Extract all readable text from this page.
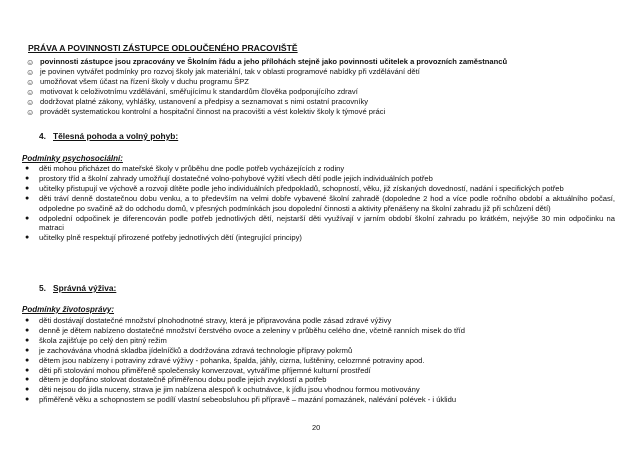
PRÁVA A POVINNOSTI ZÁSTUPCE ODLOUČENÉHO PRACOVIŠTĚ
☺ povinnosti zástupce jsou zpracovány ve Školním řádu a jeho přílohách stejně jako povinnosti učitelek a provozních zaměstnanců
☺ je povinen vytvářet podmínky pro rozvoj školy jak materiální, tak v oblasti programové nabídky při vzdělávání dětí
☺ umožňovat všem účast na řízení školy v duchu programu ŠPZ
☺ motivovat k celoživotnímu vzdělávání, směřujícímu k standardům člověka podporujícího zdraví
☺ dodržovat platné zákony, vyhlášky, ustanovení a předpisy a seznamovat s nimi ostatní pracovníky
☺ provádět systematickou kontrolní a hospitační činnost na pracovišti a vést kolektiv školy k týmové práci
4. Tělesná pohoda a volný pohyb:
Podmínky psychosociální:
●	děti mohou přicházet do mateřské školy v průběhu dne podle potřeb vycházejících z rodiny
●	prostory tříd a školní zahrady umožňují dostatečné volno-pohybové vyžití všech dětí podle jejich individuálních potřeb
●	učitelky přistupují ve výchově a rozvoji dítěte podle jeho individuálních předpokladů, schopností, věku, již získaných dovedností, nadání i specifických potřeb
●	děti tráví denně dostatečnou dobu venku, a to především na velmi dobře vybavené školní zahradě (dopoledne 2 hod a více podle ročního období a aktuálního počasí, odpoledne po svačině až do odchodu domů, v přesných podmínkách jsou dopolední činnosti a aktivity přenášeny na školní zahradu již při schůzení dětí)
●	odpolední odpočinek je diferencován podle potřeb jednotlivých dětí, nejstarší děti využívají v jarním období školní zahradu po krátkém, nejvýše 30 min odpočinku na matraci
●	učitelky plně respektují přirozené potřeby jednotlivých dětí (integrující principy)
5. Správná výživa:
Podmínky životosprávy:
●	děti dostávají dostatečné množství plnohodnotné stravy, která je připravována podle zásad zdravé výživy
●	denně je dětem nabízeno dostatečné množství čerstvého ovoce a zeleniny v průběhu celého dne, včetně ranních misek do tříd
●	škola zajišťuje po celý den pitný režim
●	je zachovávána vhodná skladba jídelníčků a dodržována zdravá technologie přípravy pokrmů
●	dětem jsou nabízeny i potraviny zdravé výživy - pohanka, špalda, jáhly, cizrna, luštěniny, celozrnné potraviny apod.
●	děti při stolování mohou přiměřeně společensky konverzovat, vytváříme příjemné kulturní prostředí
●	dětem je dopřáno stolovat dostatečně přiměřenou dobu podle jejich zvyklostí a potřeb
●	děti nejsou do jídla nuceny, strava je jim nabízena alespoň k ochutnávce, k jídlu jsou vhodnou formou motivovány
●	přiměřeně věku a schopnostem se podílí vlastní sebeobsluhou při přípravě – mazání pomazánek, nalévání polévek - i úklidu
20
